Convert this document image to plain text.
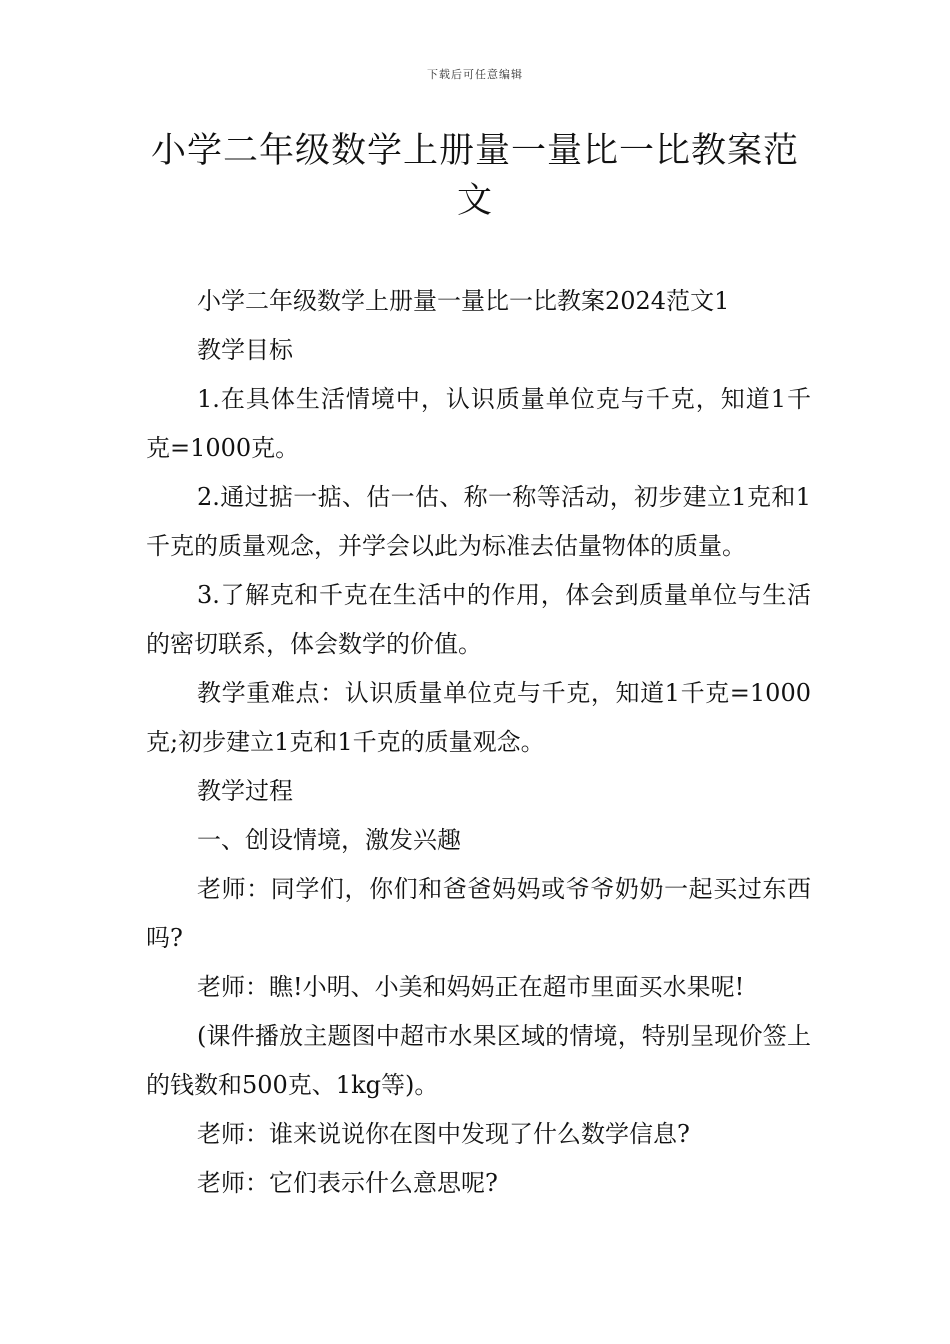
下载后可任意编辑
小学二年级数学上册量一量比一比教案范文

小学二年级数学上册量一量比一比教案2024范文1

教学目标

1.在具体生活情境中，认识质量单位克与千克，知道1千克=1000克。

2.通过掂一掂、估一估、称一称等活动，初步建立1克和1千克的质量观念，并学会以此为标准去估量物体的质量。

3.了解克和千克在生活中的作用，体会到质量单位与生活的密切联系，体会数学的价值。

教学重难点：认识质量单位克与千克，知道1千克=1000克;初步建立1克和1千克的质量观念。

教学过程

一、创设情境，激发兴趣

老师：同学们，你们和爸爸妈妈或爷爷奶奶一起买过东西吗?

老师：瞧!小明、小美和妈妈正在超市里面买水果呢!

(课件播放主题图中超市水果区域的情境，特别呈现价签上的钱数和500克、1kg等)。

老师：谁来说说你在图中发现了什么数学信息?

老师：它们表示什么意思呢?
